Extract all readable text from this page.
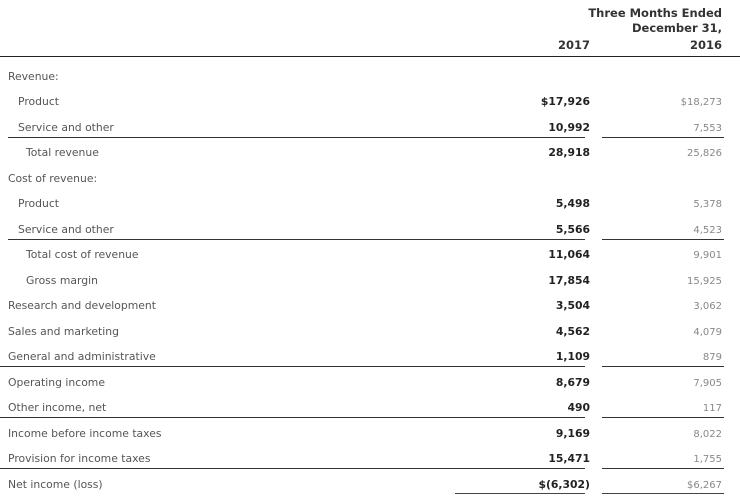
Three Months Ended
December 31,
2017	2016
Revenue:
Product	$17,926	$18,273
Service and other	10,992	7,553
Total revenue	28,918	25,826
Cost of revenue:
Product	5,498	5,378
Service and other	5,566	4,523
Total cost of revenue	11,064	9,901
Gross margin	17,854	15,925
Research and development	3,504	3,062
Sales and marketing	4,562	4,079
General and administrative	1,109	879
Operating income	8,679	7,905
Other income, net	490	117
Income before income taxes	9,169	8,022
Provision for income taxes	15,471	1,755
Net income (loss)	$(6,302)	$6,267
